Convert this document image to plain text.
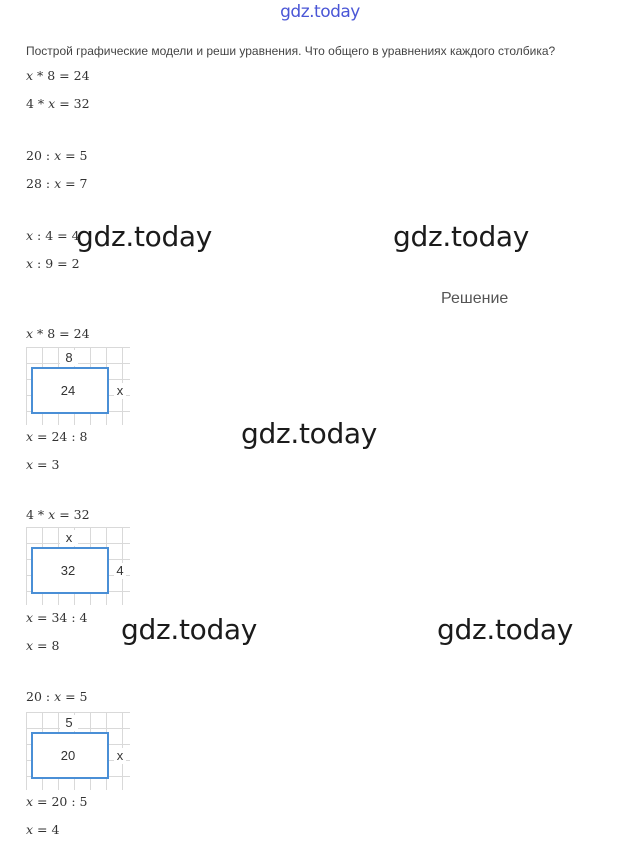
gdz.today
Построй графические модели и реши уравнения. Что общего в уравнениях каждого столбика?
x * 8 = 24
4 * x = 32
20 : x = 5
28 : x = 7
x : 4 = 4
x : 9 = 2
Решение
x * 8 = 24
8
24	x
x = 24 : 8
x = 3
4 * x = 32
x
32	4
x = 34 : 4
x = 8
20 : x = 5
5
20	x
x = 20 : 5
x = 4
gdz.today	gdz.today
gdz.today
gdz.today	gdz.today
